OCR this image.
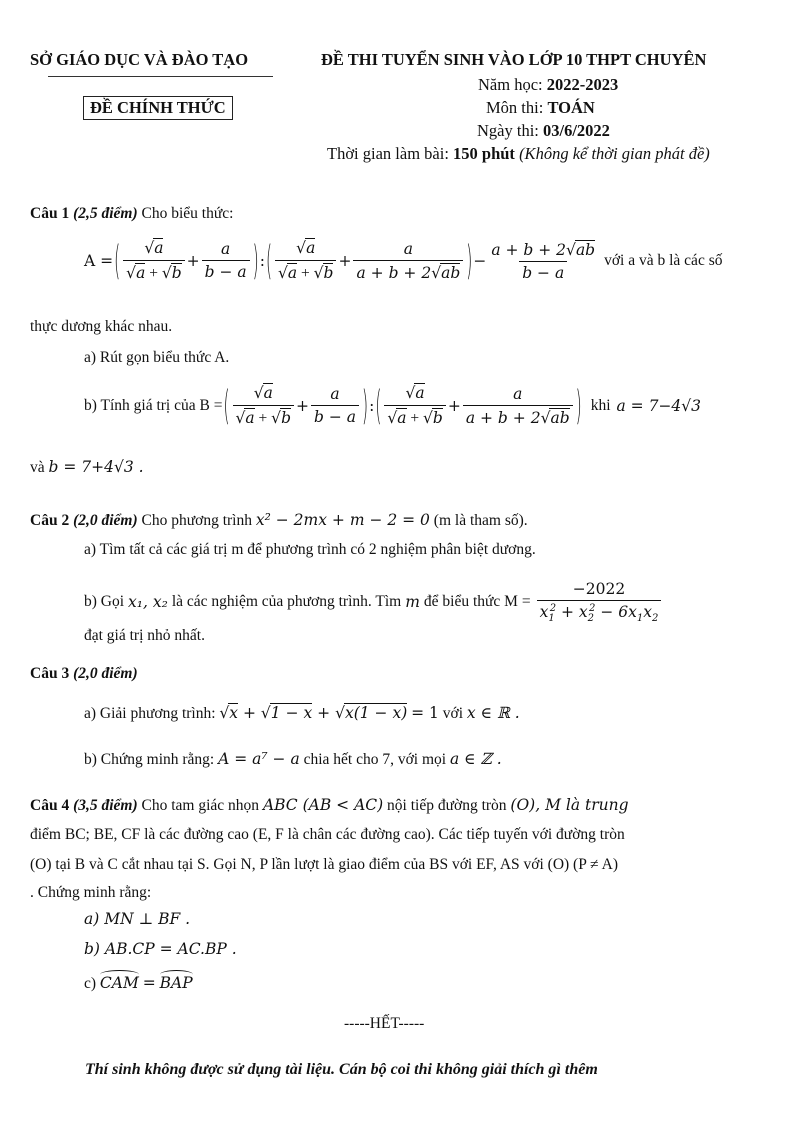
SỞ GIÁO DỤC VÀ ĐÀO TẠO
ĐỀ CHÍNH THỨC
ĐỀ THI TUYỂN SINH VÀO LỚP 10 THPT CHUYÊN
Năm học: 2022-2023
Môn thi: TOÁN
Ngày thi: 03/6/2022
Thời gian làm bài: 150 phút (Không kể thời gian phát đề)
Câu 1 (2,5 điểm) Cho biểu thức:
A = ( $\frac{√a}{√a + √b} + \frac{a}{b - a}$ ) : ( $\frac{√a}{√a + √b} + \frac{a}{a + b + 2√ab}$ ) − $\frac{a + b + 2√ab}{b - a}$ với a và b là các số
thực dương khác nhau.
a) Rút gọn biểu thức A.
b) Tính giá trị của B = ( $\frac{√a}{√a + √b} + \frac{a}{b - a}$ ) : ( $\frac{√a}{√a + √b} + \frac{a}{a + b + 2√ab}$ ) khi a = 7−4√3
và b = 7+4√3 .
Câu 2 (2,0 điểm) Cho phương trình x² − 2mx + m − 2 = 0 (m là tham số).
a) Tìm tất cả các giá trị m để phương trình có 2 nghiệm phân biệt dương.
b) Gọi x₁, x₂ là các nghiệm của phương trình. Tìm m để biểu thức $M = \frac{-2022}{x_1^2 + x_2^2 - 6x_1x_2}$
đạt giá trị nhỏ nhất.
Câu 3 (2,0 điểm)
a) Giải phương trình: √x + √1 − x + √x(1 − x) = 1 với x ∈ ℝ .
b) Chứng minh rằng: A = a⁷ − a chia hết cho 7, với mọi a ∈ ℤ .
Câu 4 (3,5 điểm) Cho tam giác nhọn ABC (AB < AC) nội tiếp đường tròn (O), M là trung
điểm BC; BE, CF là các đường cao (E, F là chân các đường cao). Các tiếp tuyến với đường tròn
(O) tại B và C cắt nhau tại S. Gọi N, P lần lượt là giao điểm của BS với EF, AS với (O) (P ≠ A)
. Chứng minh rằng:
a) MN ⊥ BF .
b) AB.CP = AC.BP .
c) CAM = BAP
-----HẾT-----
Thí sinh không được sử dụng tài liệu. Cán bộ coi thi không giải thích gì thêm
